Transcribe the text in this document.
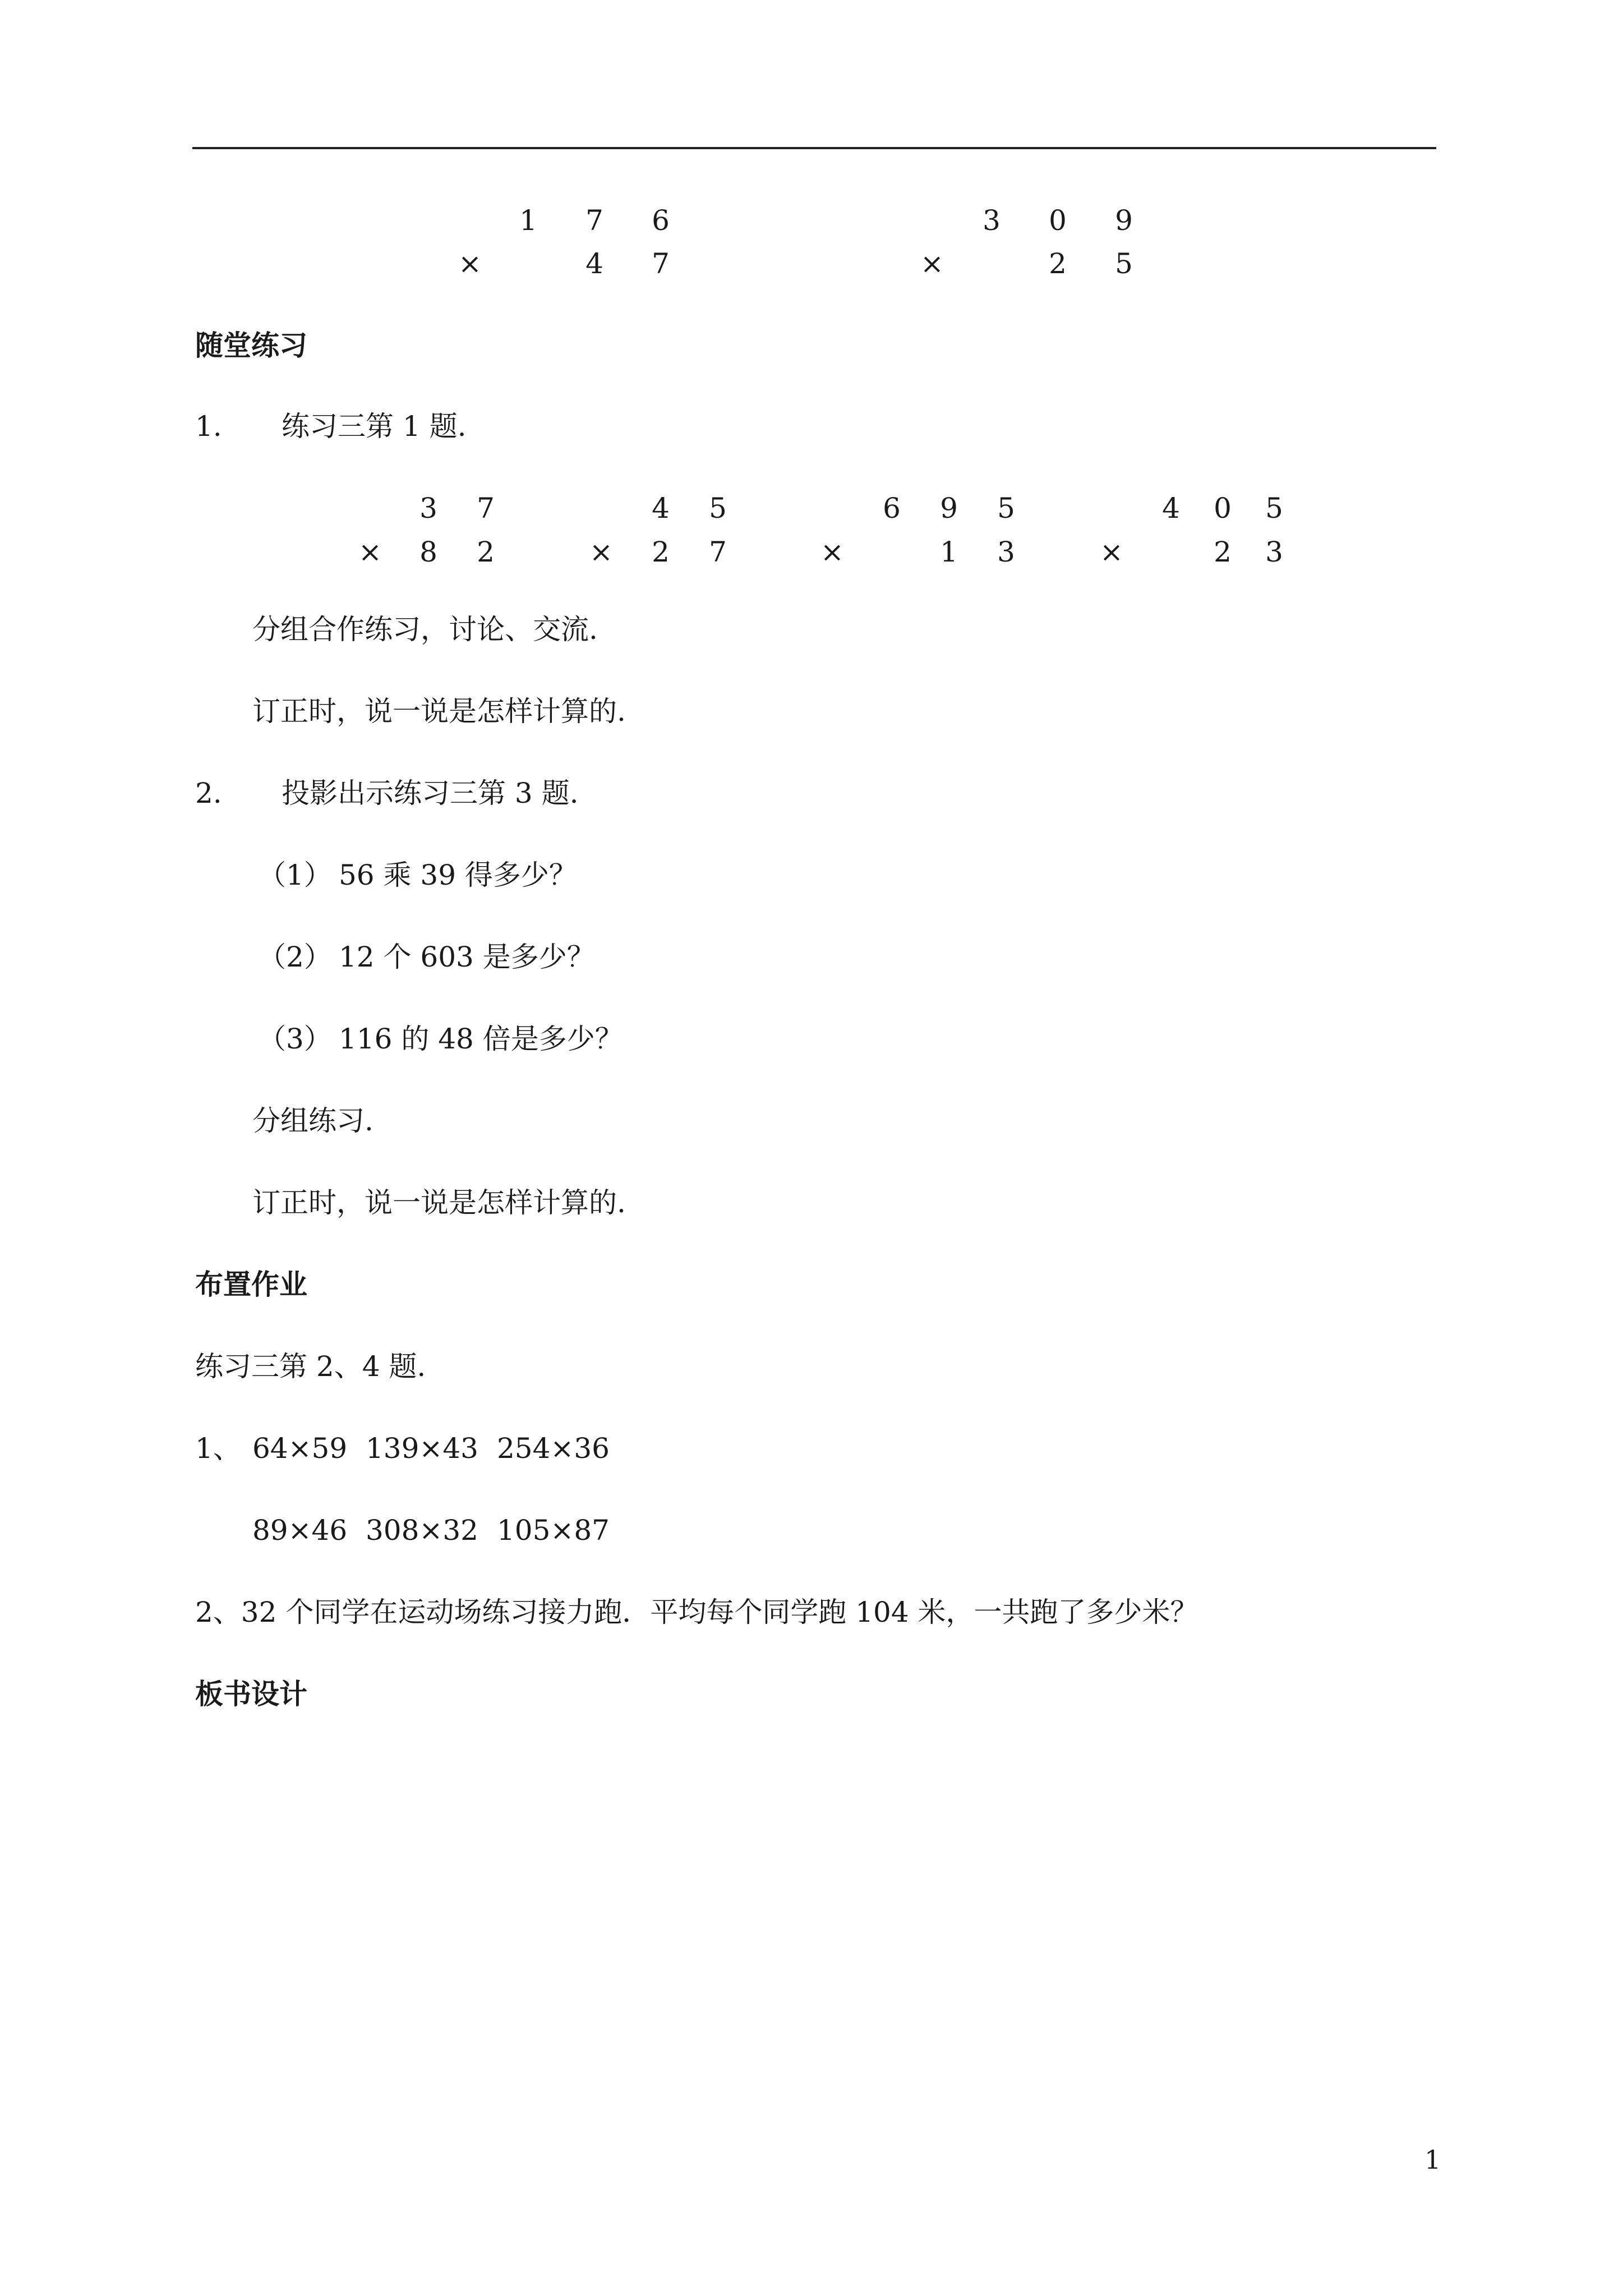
1 7 6
×	4 7
3 0 9
×	2 5
随堂练习
1. 练习三第 1 题.
3 7
× 8 2
4 5
× 2 7
6 9 5
×	1 3
4 0 5
×	2 3
分组合作练习，讨论、交流.
订正时，说一说是怎样计算的.
2. 投影出示练习三第 3 题.
（1） 56 乘 39 得多少？
（2） 12 个 603 是多少？
（3） 116 的 48 倍是多少？
分组练习.
订正时，说一说是怎样计算的.
布置作业
练习三第 2、4 题.
1、 64×59 139×43 254×36
89×46 308×32 105×87
2、32 个同学在运动场练习接力跑．平均每个同学跑 104 米，一共跑了多少米？
板书设计
1
